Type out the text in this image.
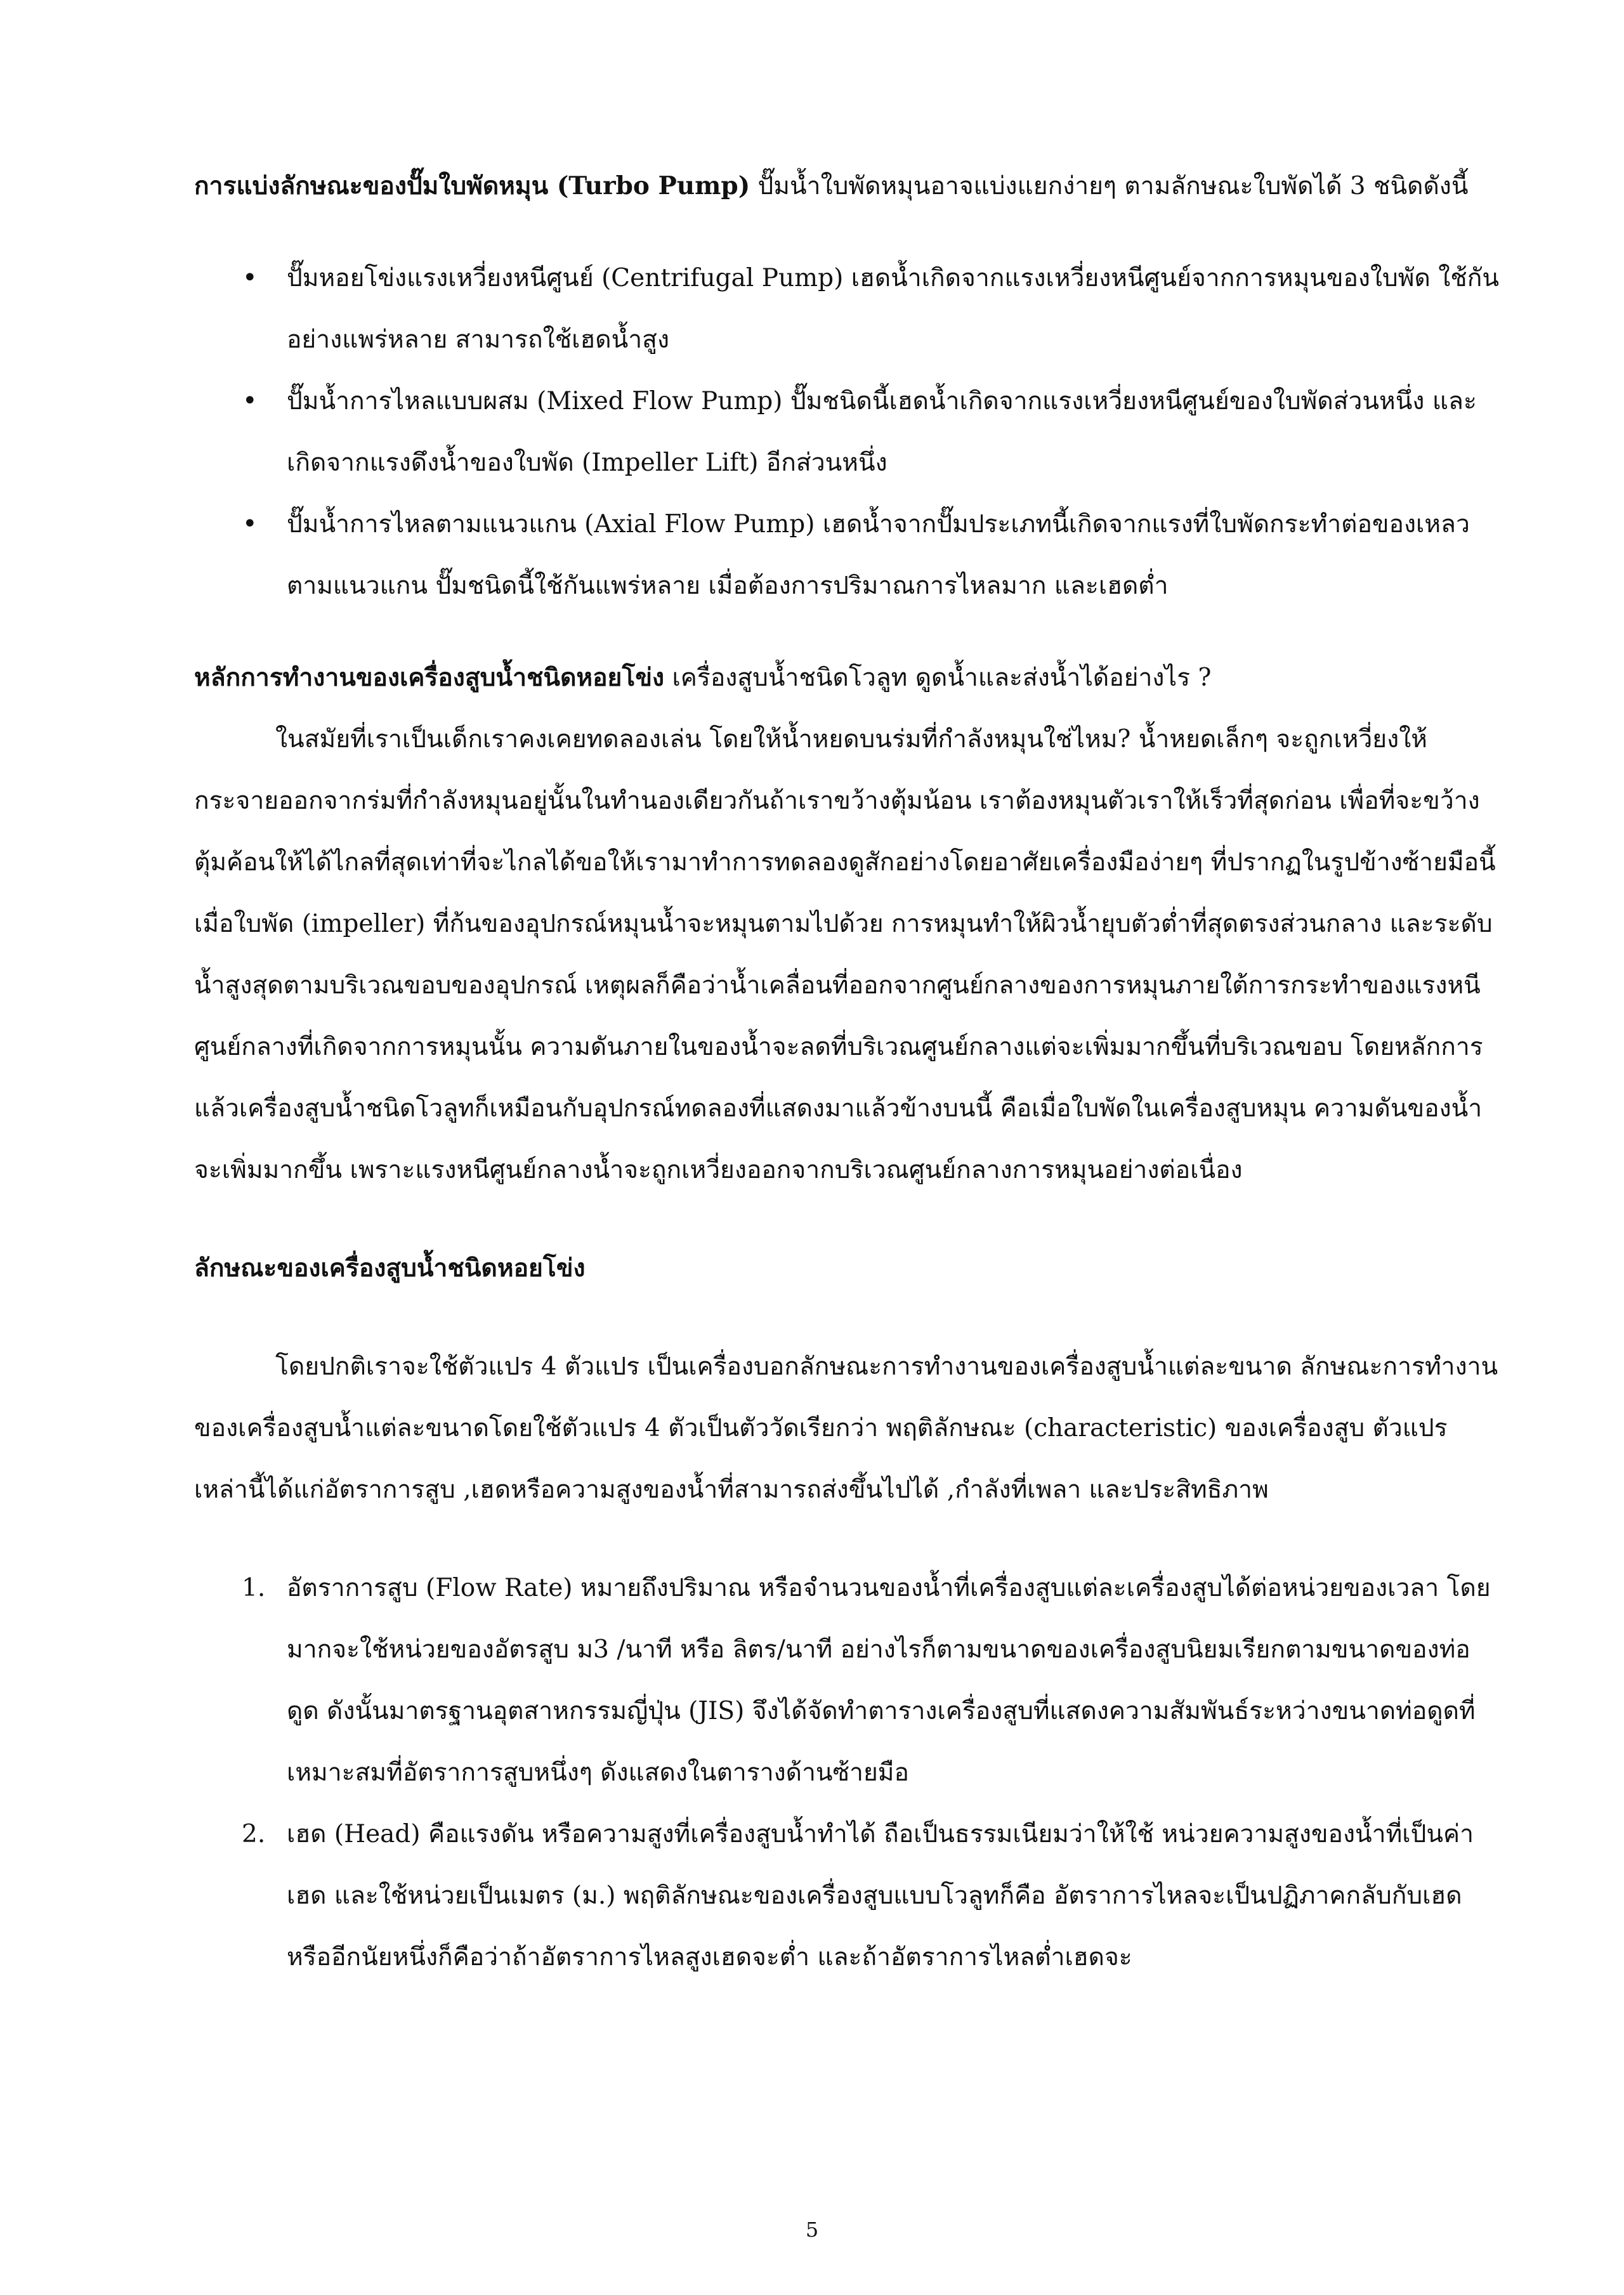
การแบ่งลักษณะของปั๊มใบพัดหมุน (Turbo Pump) ปั๊มน้ำใบพัดหมุนอาจแบ่งแยกง่ายๆ ตามลักษณะใบพัดได้ 3 ชนิดดังนี้

• ปั๊มหอยโข่งแรงเหวี่ยงหนีศูนย์ (Centrifugal Pump) เฮดน้ำเกิดจากแรงเหวี่ยงหนีศูนย์จากการหมุนของใบพัด ใช้กันอย่างแพร่หลาย สามารถใช้เฮดน้ำสูง
• ปั๊มน้ำการไหลแบบผสม (Mixed Flow Pump) ปั๊มชนิดนี้เฮดน้ำเกิดจากแรงเหวี่ยงหนีศูนย์ของใบพัดส่วนหนึ่ง และเกิดจากแรงดึงน้ำของใบพัด (Impeller Lift) อีกส่วนหนึ่ง
• ปั๊มน้ำการไหลตามแนวแกน (Axial Flow Pump) เฮดน้ำจากปั๊มประเภทนี้เกิดจากแรงที่ใบพัดกระทำต่อของเหลวตามแนวแกน ปั๊มชนิดนี้ใช้กันแพร่หลาย เมื่อต้องการปริมาณการไหลมาก และเฮดต่ำ

หลักการทำงานของเครื่องสูบน้ำชนิดหอยโข่ง เครื่องสูบน้ำชนิดโวลูท ดูดน้ำและส่งน้ำได้อย่างไร ?

ในสมัยที่เราเป็นเด็กเราคงเคยทดลองเล่น โดยให้น้ำหยดบนร่มที่กำลังหมุนใช่ไหม? น้ำหยดเล็กๆ จะถูกเหวี่ยงให้กระจายออกจากร่มที่กำลังหมุนอยู่นั้นในทำนองเดียวกันถ้าเราขว้างตุ้มน้อน เราต้องหมุนตัวเราให้เร็วที่สุดก่อน เพื่อที่จะขว้างตุ้มค้อนให้ได้ไกลที่สุดเท่าที่จะไกลได้ขอให้เรามาทำการทดลองดูสักอย่างโดยอาศัยเครื่องมือง่ายๆ ที่ปรากฏในรูปข้างซ้ายมือนี้ เมื่อใบพัด (impeller) ที่ก้นของอุปกรณ์หมุนน้ำจะหมุนตามไปด้วย การหมุนทำให้ผิวน้ำยุบตัวต่ำที่สุดตรงส่วนกลาง และระดับน้ำสูงสุดตามบริเวณขอบของอุปกรณ์ เหตุผลก็คือว่าน้ำเคลื่อนที่ออกจากศูนย์กลางของการหมุนภายใต้การกระทำของแรงหนีศูนย์กลางที่เกิดจากการหมุนนั้น ความดันภายในของน้ำจะลดที่บริเวณศูนย์กลางแต่จะเพิ่มมากขึ้นที่บริเวณขอบ โดยหลักการแล้วเครื่องสูบน้ำชนิดโวลูทก็เหมือนกับอุปกรณ์ทดลองที่แสดงมาแล้วข้างบนนี้ คือเมื่อใบพัดในเครื่องสูบหมุน ความดันของน้ำจะเพิ่มมากขึ้น เพราะแรงหนีศูนย์กลางน้ำจะถูกเหวี่ยงออกจากบริเวณศูนย์กลางการหมุนอย่างต่อเนื่อง

ลักษณะของเครื่องสูบน้ำชนิดหอยโข่ง

โดยปกติเราจะใช้ตัวแปร 4 ตัวแปร เป็นเครื่องบอกลักษณะการทำงานของเครื่องสูบน้ำแต่ละขนาด ลักษณะการทำงานของเครื่องสูบน้ำแต่ละขนาดโดยใช้ตัวแปร 4 ตัวเป็นตัววัดเรียกว่า พฤติลักษณะ (characteristic) ของเครื่องสูบ ตัวแปรเหล่านี้ได้แก่อัตราการสูบ ,เฮดหรือความสูงของน้ำที่สามารถส่งขึ้นไปได้ ,กำลังที่เพลา และประสิทธิภาพ

1. อัตราการสูบ (Flow Rate) หมายถึงปริมาณ หรือจำนวนของน้ำที่เครื่องสูบแต่ละเครื่องสูบได้ต่อหน่วยของเวลา โดยมากจะใช้หน่วยของอัตรสูบ ม3 /นาที หรือ ลิตร/นาที อย่างไรก็ตามขนาดของเครื่องสูบนิยมเรียกตามขนาดของท่อดูด ดังนั้นมาตรฐานอุตสาหกรรมญี่ปุ่น (JIS) จึงได้จัดทำตารางเครื่องสูบที่แสดงความสัมพันธ์ระหว่างขนาดท่อดูดที่เหมาะสมที่อัตราการสูบหนึ่งๆ ดังแสดงในตารางด้านซ้ายมือ
2. เฮด (Head) คือแรงดัน หรือความสูงที่เครื่องสูบน้ำทำได้ ถือเป็นธรรมเนียมว่าให้ใช้ หน่วยความสูงของน้ำที่เป็นค่าเฮด และใช้หน่วยเป็นเมตร (ม.) พฤติลักษณะของเครื่องสูบแบบโวลูทก็คือ อัตราการไหลจะเป็นปฏิภาคกลับกับเฮด หรืออีกนัยหนึ่งก็คือว่าถ้าอัตราการไหลสูงเฮดจะต่ำ และถ้าอัตราการไหลต่ำเฮดจะ
5
